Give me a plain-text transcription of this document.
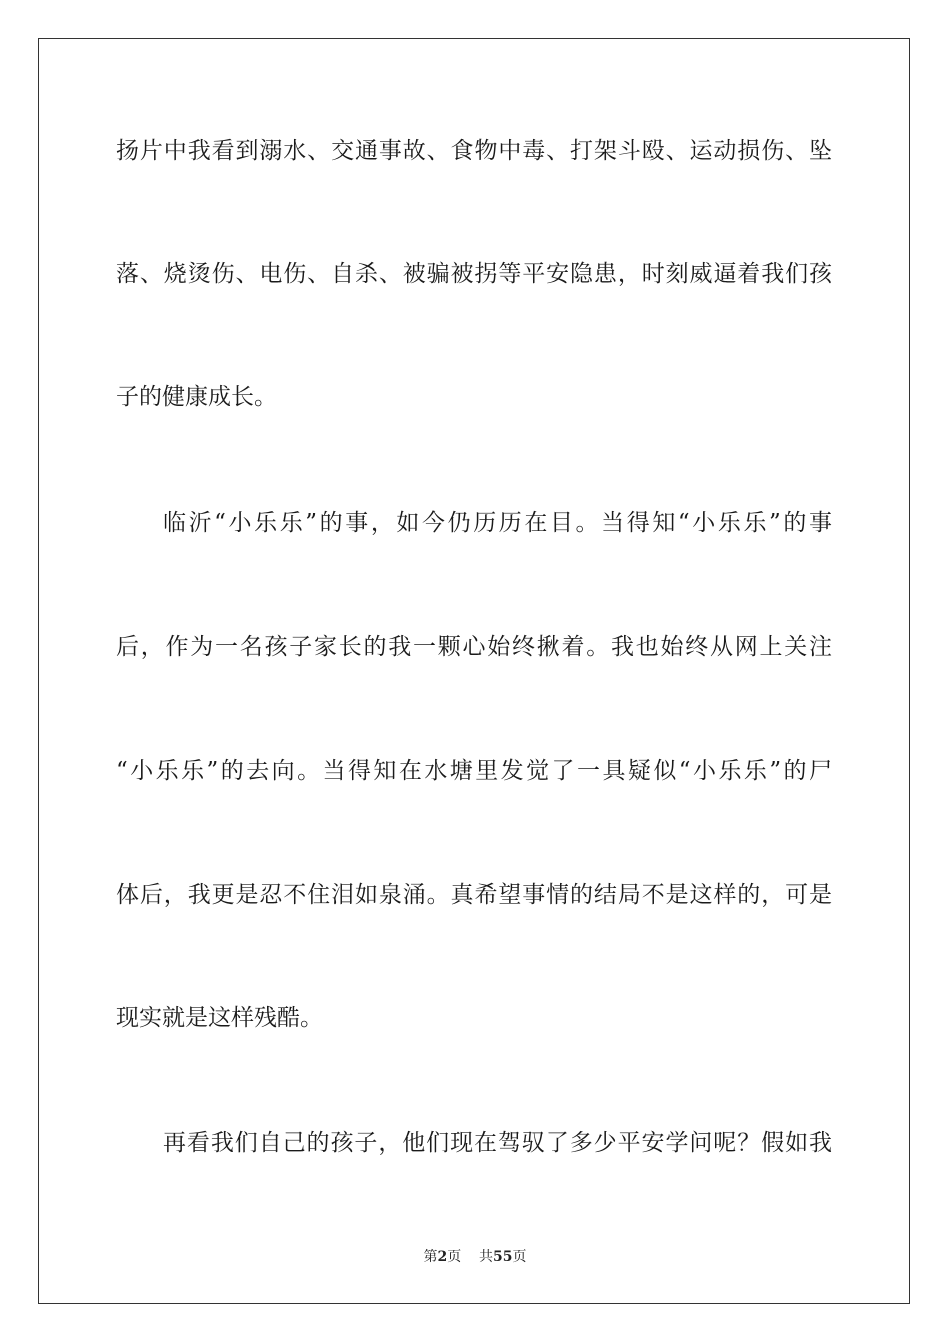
扬片中我看到溺水、交通事故、食物中毒、打架斗殴、运动损伤、坠
落、烧烫伤、电伤、自杀、被骗被拐等平安隐患，时刻威逼着我们孩
子的健康成长。
临沂“小乐乐”的事，如今仍历历在目。当得知“小乐乐”的事
后，作为一名孩子家长的我一颗心始终揪着。我也始终从网上关注
“小乐乐”的去向。当得知在水塘里发觉了一具疑似“小乐乐”的尸
体后，我更是忍不住泪如泉涌。真希望事情的结局不是这样的，可是
现实就是这样残酷。
再看我们自己的孩子，他们现在驾驭了多少平安学问呢？假如我
第2页 共55页
